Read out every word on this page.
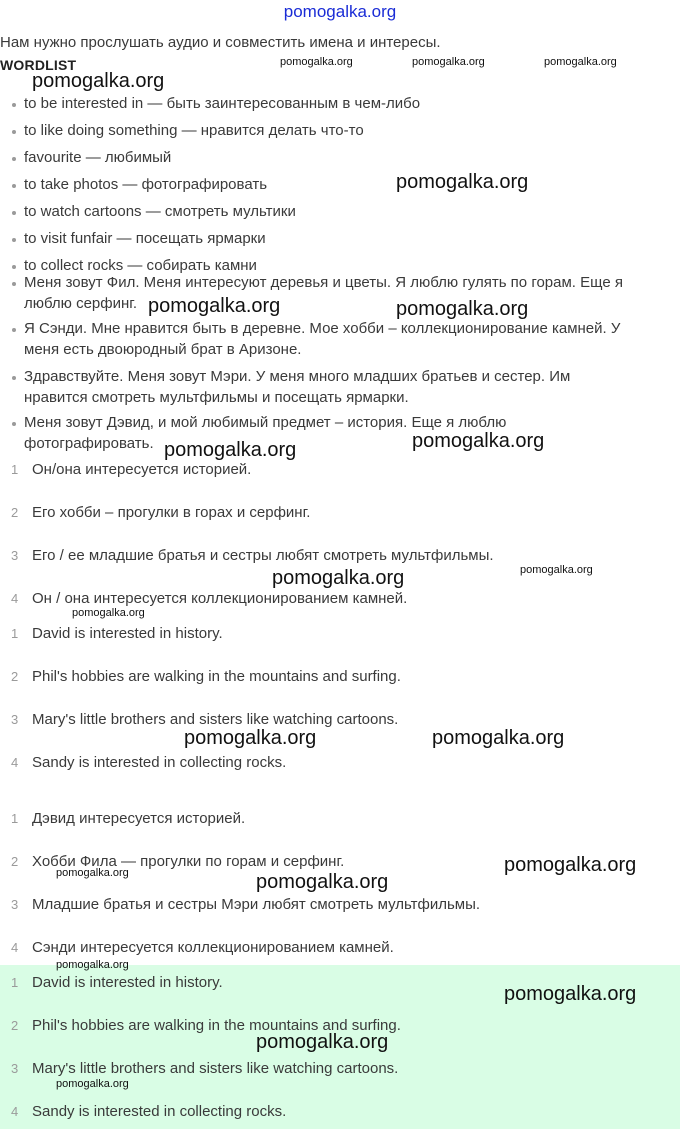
pomogalka.org
Нам нужно прослушать аудио и совместить имена и интересы.
WORDLIST
to be interested in — быть заинтересованным в чем-либо
to like doing something — нравится делать что-то
favourite — любимый
to take photos — фотографировать
to watch cartoons — смотреть мультики
to visit funfair — посещать ярмарки
to collect rocks — собирать камни
Меня зовут Фил. Меня интересуют деревья и цветы. Я люблю гулять по горам. Еще я
люблю серфинг.
Я Сэнди. Мне нравится быть в деревне. Мое хобби – коллекционирование камней. У
меня есть двоюродный брат в Аризоне.
Здравствуйте. Меня зовут Мэри. У меня много младших братьев и сестер. Им
нравится смотреть мультфильмы и посещать ярмарки.
Меня зовут Дэвид, и мой любимый предмет – история. Еще я люблю
фотографировать.
1 Он/она интересуется историей.
2 Его хобби – прогулки в горах и серфинг.
3 Его / ее младшие братья и сестры любят смотреть мультфильмы.
4 Он / она интересуется коллекционированием камней.
1 David is interested in history.
2 Phil's hobbies are walking in the mountains and surfing.
3 Mary's little brothers and sisters like watching cartoons.
4 Sandy is interested in collecting rocks.
1 Дэвид интересуется историей.
2 Хобби Фила — прогулки по горам и серфинг.
3 Младшие братья и сестры Мэри любят смотреть мультфильмы.
4 Сэнди интересуется коллекционированием камней.
1 David is interested in history.
2 Phil's hobbies are walking in the mountains and surfing.
3 Mary's little brothers and sisters like watching cartoons.
4 Sandy is interested in collecting rocks.
pomogalka.org	pomogalka.org	pomogalka.org
pomogalka.org
pomogalka.org
pomogalka.org	pomogalka.org
pomogalka.org	pomogalka.org
pomogalka.org	pomogalka.org
pomogalka.org
pomogalka.org	pomogalka.org
pomogalka.org
pomogalka.org	pomogalka.org
pomogalka.org
pomogalka.org
pomogalka.org
pomogalka.org
